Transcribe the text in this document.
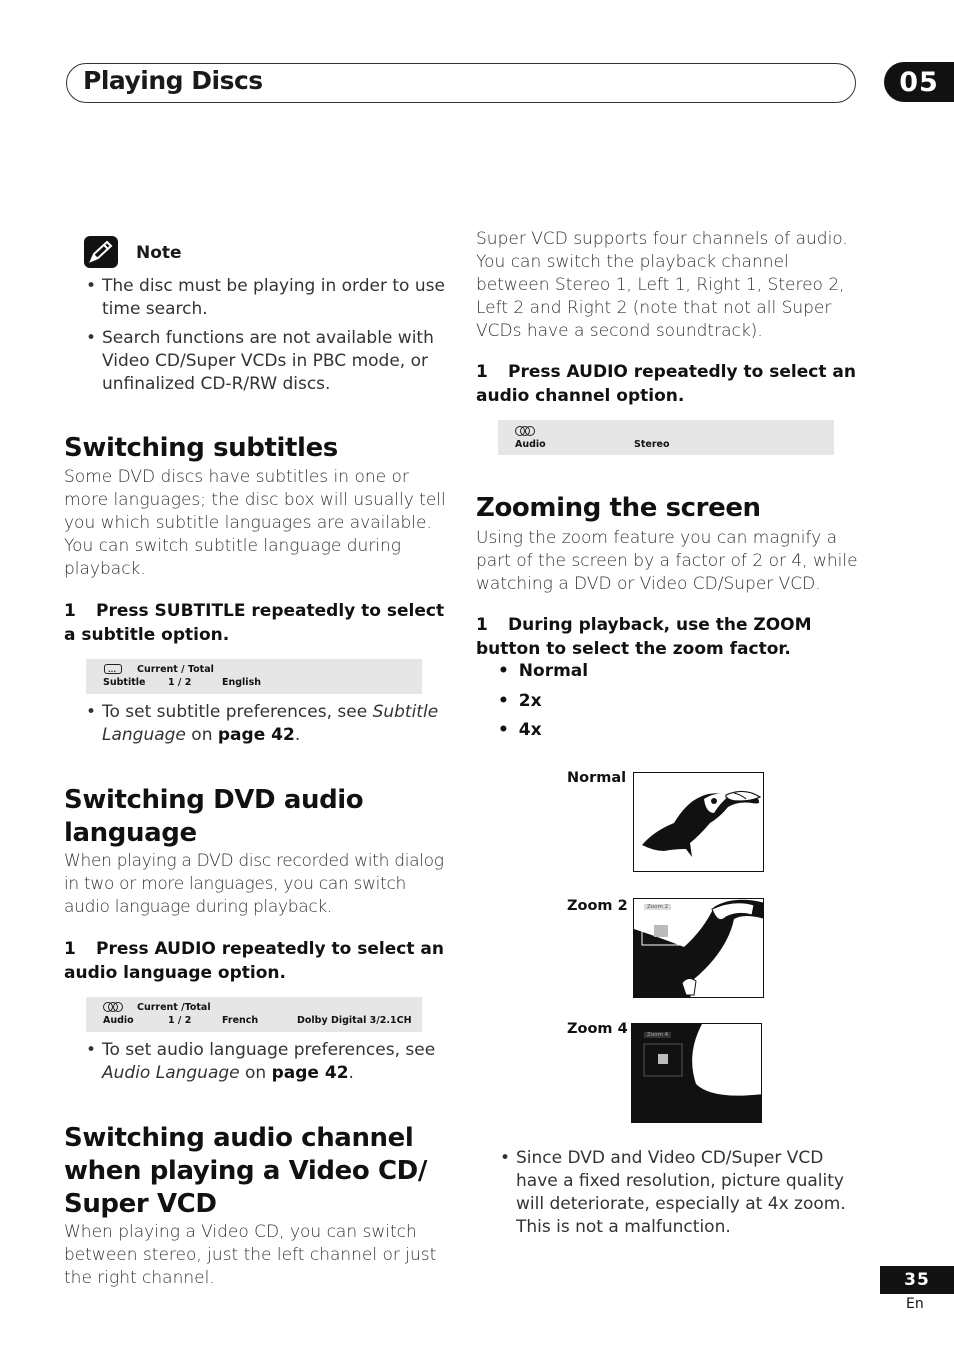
Playing Discs	05
Note
• The disc must be playing in order to use time search.
• Search functions are not available with Video CD/Super VCDs in PBC mode, or unfinalized CD-R/RW discs.
Switching subtitles
Some DVD discs have subtitles in one or more languages; the disc box will usually tell you which subtitle languages are available. You can switch subtitle language during playback.
1 Press SUBTITLE repeatedly to select a subtitle option.
... Current / Total
Subtitle 1 / 2	English
• To set subtitle preferences, see Subtitle Language on page 42.
Switching DVD audio
language
When playing a DVD disc recorded with dialog in two or more languages, you can switch audio language during playback.
1 Press AUDIO repeatedly to select an audio language option.
Current /Total
Audio	1 / 2	French	Dolby Digital 3/2.1CH
• To set audio language preferences, see Audio Language on page 42.
Switching audio channel
when playing a Video CD/
Super VCD
When playing a Video CD, you can switch between stereo, just the left channel or just the right channel.
Super VCD supports four channels of audio. You can switch the playback channel between Stereo 1, Left 1, Right 1, Stereo 2, Left 2 and Right 2 (note that not all Super VCDs have a second soundtrack).
1 Press AUDIO repeatedly to select an audio channel option.
Audio	Stereo
Zooming the screen
Using the zoom feature you can magnify a part of the screen by a factor of 2 or 4, while watching a DVD or Video CD/Super VCD.
1 During playback, use the ZOOM button to select the zoom factor.
• Normal
• 2x
• 4x
Normal
Zoom 2	Zoom 2
Zoom 4	Zoom 4
• Since DVD and Video CD/Super VCD have a fixed resolution, picture quality will deteriorate, especially at 4x zoom. This is not a malfunction.
35
En
